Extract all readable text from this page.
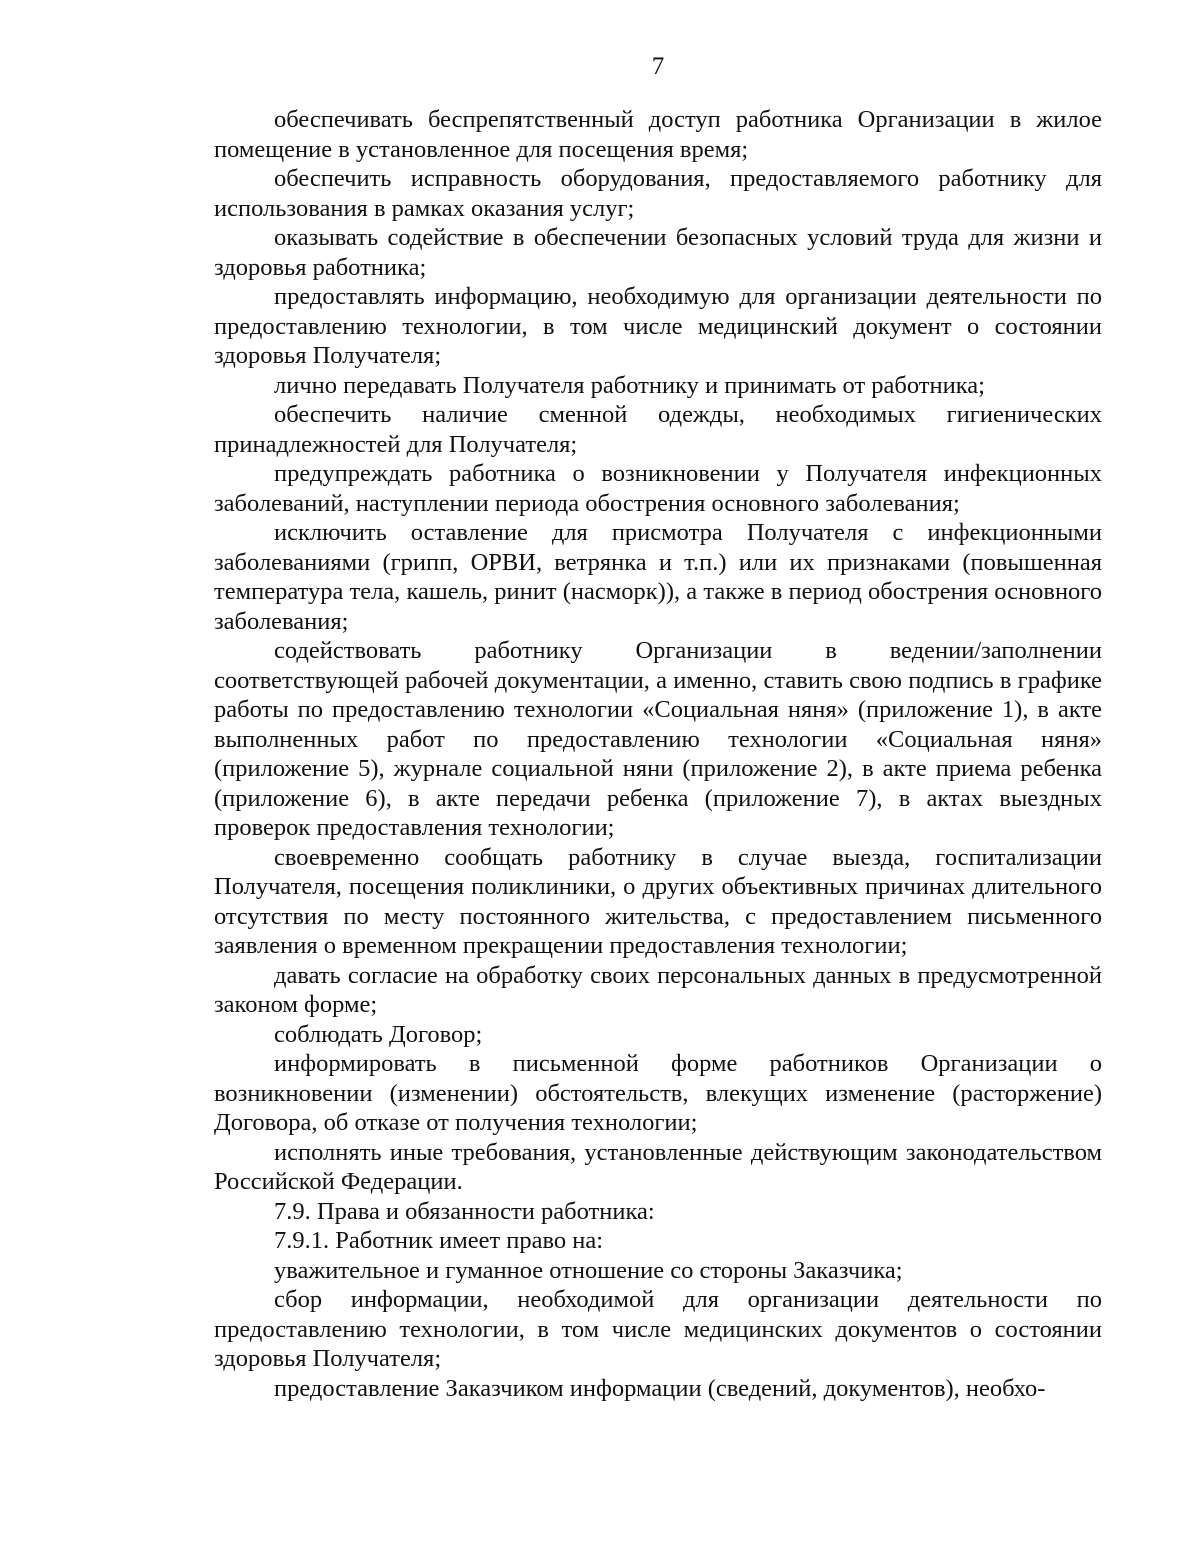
7

обеспечивать беспрепятственный доступ работника Организации в жилое помещение в установленное для посещения время;

обеспечить исправность оборудования, предоставляемого работнику для использования в рамках оказания услуг;

оказывать содействие в обеспечении безопасных условий труда для жизни и здоровья работника;

предоставлять информацию, необходимую для организации деятельности по предоставлению технологии, в том числе медицинский документ о состоянии здоровья Получателя;

лично передавать Получателя работнику и принимать от работника;

обеспечить наличие сменной одежды, необходимых гигиенических принадлежностей для Получателя;

предупреждать работника о возникновении у Получателя инфекционных заболеваний, наступлении периода обострения основного заболевания;

исключить оставление для присмотра Получателя с инфекционными заболеваниями (грипп, ОРВИ, ветрянка и т.п.) или их признаками (повышенная температура тела, кашель, ринит (насморк)), а также в период обострения основного заболевания;

содействовать работнику Организации в ведении/заполнении соответствующей рабочей документации, а именно, ставить свою подпись в графике работы по предоставлению технологии «Социальная няня» (приложение 1), в акте выполненных работ по предоставлению технологии «Социальная няня» (приложение 5), журнале социальной няни (приложение 2), в акте приема ребенка (приложение 6), в акте передачи ребенка (приложение 7), в актах выездных проверок предоставления технологии;

своевременно сообщать работнику в случае выезда, госпитализации Получателя, посещения поликлиники, о других объективных причинах длительного отсутствия по месту постоянного жительства, с предоставлением письменного заявления о временном прекращении предоставления технологии;

давать согласие на обработку своих персональных данных в предусмотренной законом форме;

соблюдать Договор;

информировать в письменной форме работников Организации о возникновении (изменении) обстоятельств, влекущих изменение (расторжение) Договора, об отказе от получения технологии;

исполнять иные требования, установленные действующим законодательством Российской Федерации.

7.9. Права и обязанности работника:

7.9.1. Работник имеет право на:

уважительное и гуманное отношение со стороны Заказчика;

сбор информации, необходимой для организации деятельности по предоставлению технологии, в том числе медицинских документов о состоянии здоровья Получателя;

предоставление Заказчиком информации (сведений, документов), необхо-
